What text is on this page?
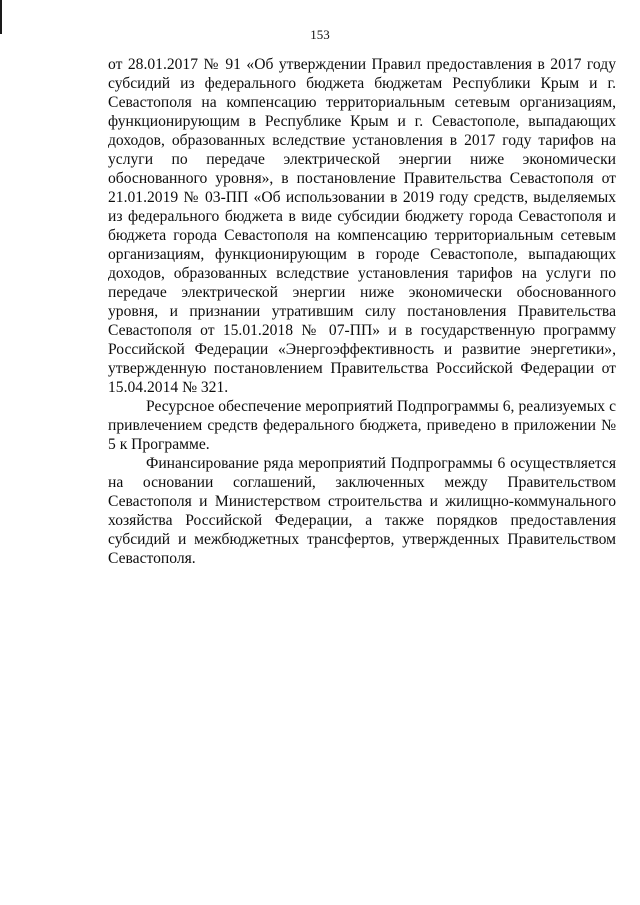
153

от 28.01.2017 № 91 «Об утверждении Правил предоставления в 2017 году субсидий из федерального бюджета бюджетам Республики Крым и г. Севастополя на компенсацию территориальным сетевым организациям, функционирующим в Республике Крым и г. Севастополе, выпадающих доходов, образованных вследствие установления в 2017 году тарифов на услуги по передаче электрической энергии ниже экономически обоснованного уровня», в постановление Правительства Севастополя от 21.01.2019 № 03-ПП «Об использовании в 2019 году средств, выделяемых из федерального бюджета в виде субсидии бюджету города Севастополя и бюджета города Севастополя на компенсацию территориальным сетевым организациям, функционирующим в городе Севастополе, выпадающих доходов, образованных вследствие установления тарифов на услуги по передаче электрической энергии ниже экономически обоснованного уровня, и признании утратившим силу постановления Правительства Севастополя от 15.01.2018 № 07-ПП» и в государственную программу Российской Федерации «Энергоэффективность и развитие энергетики», утвержденную постановлением Правительства Российской Федерации от 15.04.2014 № 321.

Ресурсное обеспечение мероприятий Подпрограммы 6, реализуемых с привлечением средств федерального бюджета, приведено в приложении № 5 к Программе.

Финансирование ряда мероприятий Подпрограммы 6 осуществляется на основании соглашений, заключенных между Правительством Севастополя и Министерством строительства и жилищно-коммунального хозяйства Российской Федерации, а также порядков предоставления субсидий и межбюджетных трансфертов, утвержденных Правительством Севастополя.
